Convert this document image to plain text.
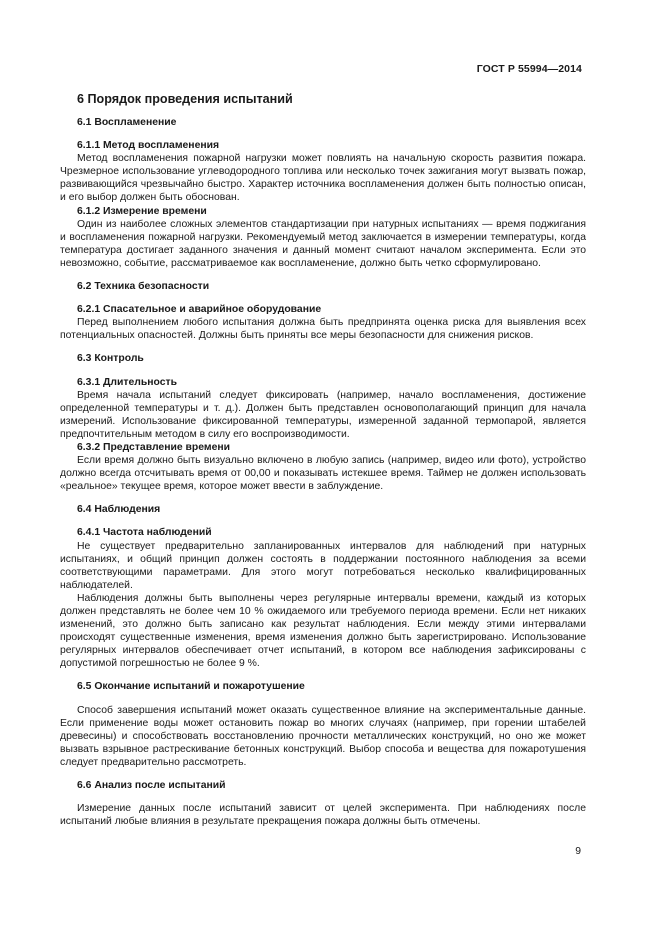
ГОСТ Р 55994—2014
6 Порядок проведения испытаний
6.1 Воспламенение
6.1.1 Метод воспламенения

Метод воспламенения пожарной нагрузки может повлиять на начальную скорость развития пожара. Чрезмерное использование углеводородного топлива или несколько точек зажигания могут вызвать пожар, развивающийся чрезвычайно быстро. Характер источника воспламенения должен быть полностью описан, и его выбор должен быть обоснован.

6.1.2 Измерение времени

Один из наиболее сложных элементов стандартизации при натурных испытаниях — время поджигания и воспламенения пожарной нагрузки. Рекомендуемый метод заключается в измерении температуры, когда температура достигает заданного значения и данный момент считают началом эксперимента. Если это невозможно, событие, рассматриваемое как воспламенение, должно быть четко сформулировано.

6.2 Техника безопасности
6.2.1 Спасательное и аварийное оборудование

Перед выполнением любого испытания должна быть предпринята оценка риска для выявления всех потенциальных опасностей. Должны быть приняты все меры безопасности для снижения рисков.

6.3 Контроль
6.3.1 Длительность

Время начала испытаний следует фиксировать (например, начало воспламенения, достижение определенной температуры и т. д.). Должен быть представлен основополагающий принцип для начала измерений. Использование фиксированной температуры, измеренной заданной термопарой, является предпочтительным методом в силу его воспроизводимости.

6.3.2 Представление времени

Если время должно быть визуально включено в любую запись (например, видео или фото), устройство должно всегда отсчитывать время от 00,00 и показывать истекшее время. Таймер не должен использовать «реальное» текущее время, которое может ввести в заблуждение.

6.4 Наблюдения
6.4.1 Частота наблюдений

Не существует предварительно запланированных интервалов для наблюдений при натурных испытаниях, и общий принцип должен состоять в поддержании постоянного наблюдения за всеми соответствующими параметрами. Для этого могут потребоваться несколько квалифицированных наблюдателей.

Наблюдения должны быть выполнены через регулярные интервалы времени, каждый из которых должен представлять не более чем 10 % ожидаемого или требуемого периода времени. Если нет никаких изменений, это должно быть записано как результат наблюдения. Если между этими интервалами происходят существенные изменения, время изменения должно быть зарегистрировано. Использование регулярных интервалов обеспечивает отчет испытаний, в котором все наблюдения зафиксированы с допустимой погрешностью не более 9 %.

6.5 Окончание испытаний и пожаротушение

Способ завершения испытаний может оказать существенное влияние на экспериментальные данные. Если применение воды может остановить пожар во многих случаях (например, при горении штабелей древесины) и способствовать восстановлению прочности металлических конструкций, но оно же может вызвать взрывное растрескивание бетонных конструкций. Выбор способа и вещества для пожаротушения следует предварительно рассмотреть.

6.6 Анализ после испытаний

Измерение данных после испытаний зависит от целей эксперимента. При наблюдениях после испытаний любые влияния в результате прекращения пожара должны быть отмечены.

9
